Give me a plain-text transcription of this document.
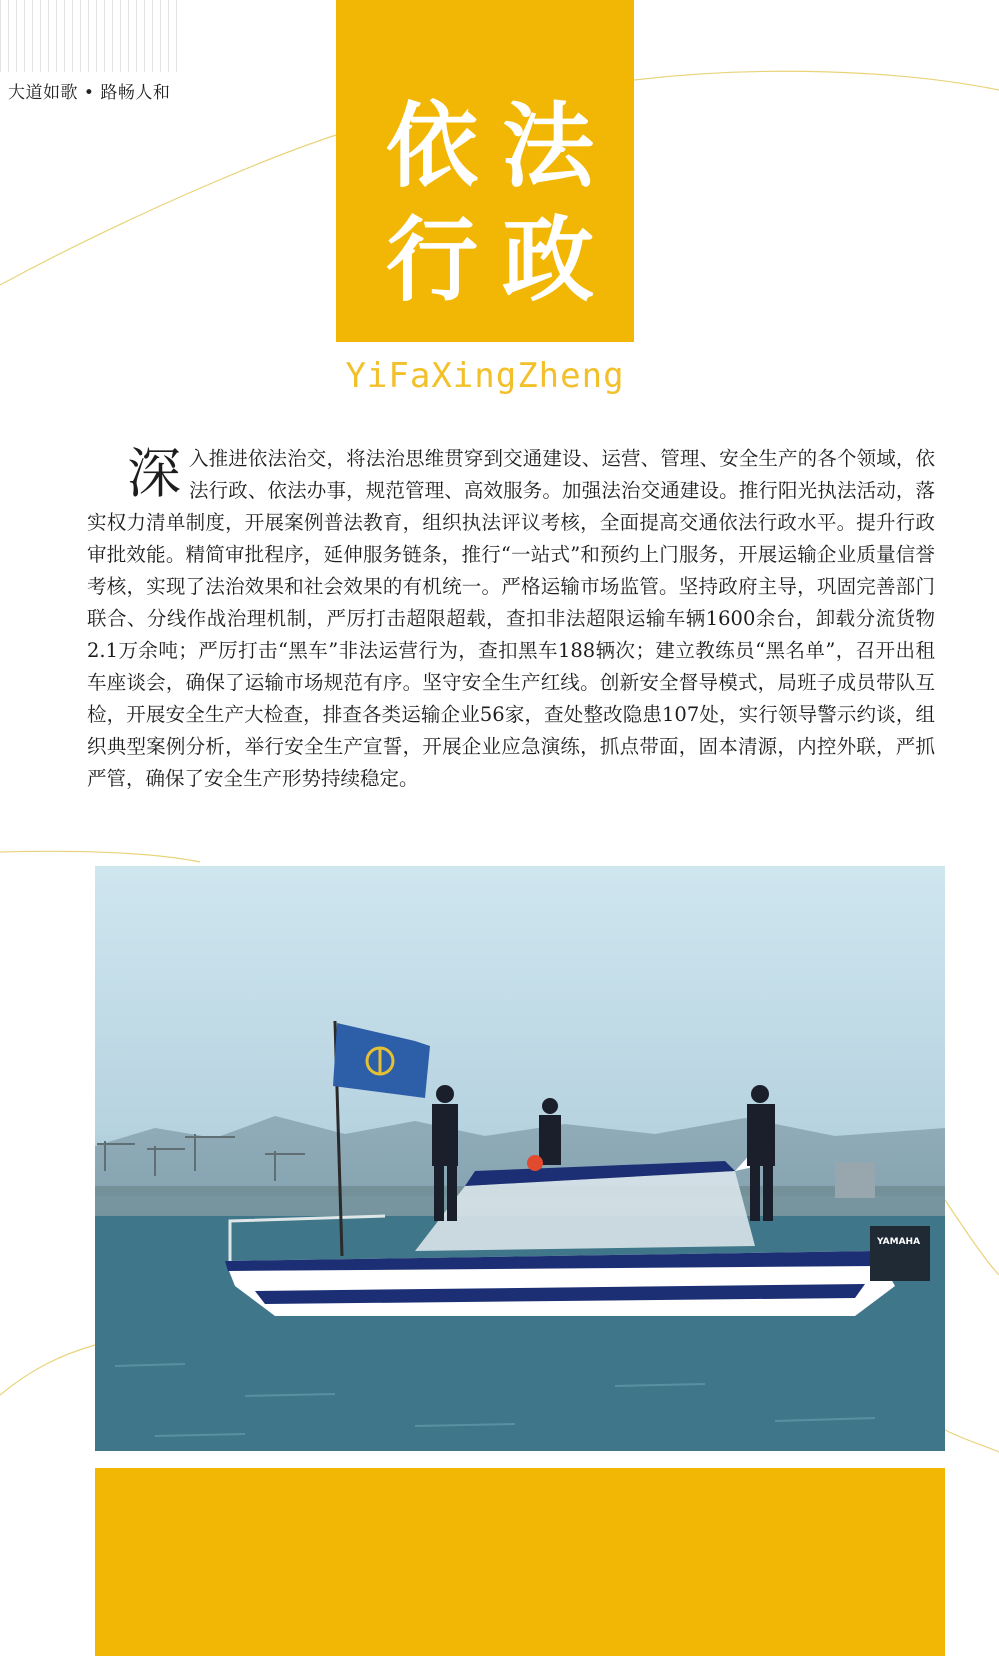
大道如歌 • 路畅人和 依法
行政
YiFaXingZheng

深入推进依法治交，将法治思维贯穿到交通建设、运营、管理、安全生产的各个领域，依法行政、依法办事，规范管理、高效服务。加强法治交通建设。推行阳光执法活动，落实权力清单制度，开展案例普法教育，组织执法评议考核，全面提高交通依法行政水平。提升行政审批效能。精简审批程序，延伸服务链条，推行“一站式”和预约上门服务，开展运输企业质量信誉考核，实现了法治效果和社会效果的有机统一。严格运输市场监管。坚持政府主导，巩固完善部门联合、分线作战治理机制，严厉打击超限超载，查扣非法超限运输车辆1600余台，卸载分流货物2.1万余吨；严厉打击“黑车”非法运营行为，查扣黑车188辆次；建立教练员“黑名单”，召开出租车座谈会，确保了运输市场规范有序。坚守安全生产红线。创新安全督导模式，局班子成员带队互检，开展安全生产大检查，排查各类运输企业56家，查处整改隐患107处，实行领导警示约谈，组织典型案例分析，举行安全生产宣誓，开展企业应急演练，抓点带面，固本清源，内控外联，严抓严管，确保了安全生产形势持续稳定。

YAMAHA
